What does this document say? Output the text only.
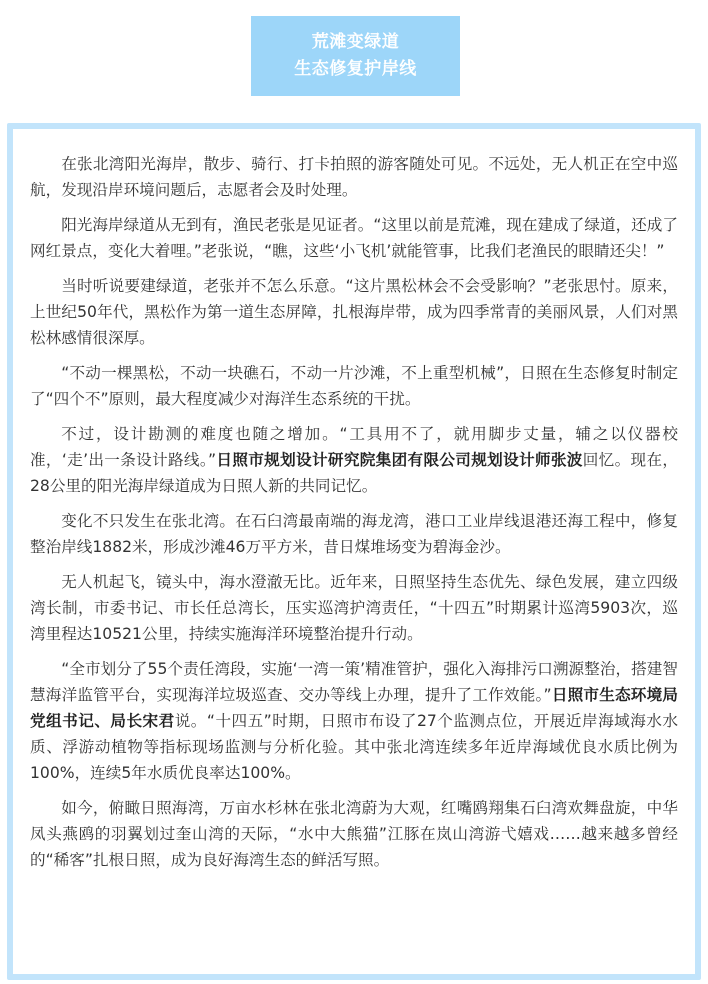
荒滩变绿道
生态修复护岸线

在张北湾阳光海岸，散步、骑行、打卡拍照的游客随处可见。不远处，无人机正在空中巡航，发现沿岸环境问题后，志愿者会及时处理。

阳光海岸绿道从无到有，渔民老张是见证者。“这里以前是荒滩，现在建成了绿道，还成了网红景点，变化大着哩。”老张说，“瞧，这些‘小飞机’就能管事，比我们老渔民的眼睛还尖！”

当时听说要建绿道，老张并不怎么乐意。“这片黑松林会不会受影响？”老张思忖。原来，上世纪50年代，黑松作为第一道生态屏障，扎根海岸带，成为四季常青的美丽风景，人们对黑松林感情很深厚。

“不动一棵黑松，不动一块礁石，不动一片沙滩，不上重型机械”，日照在生态修复时制定了“四个不”原则，最大程度减少对海洋生态系统的干扰。

不过，设计勘测的难度也随之增加。“工具用不了，就用脚步丈量，辅之以仪器校准，‘走’出一条设计路线。”日照市规划设计研究院集团有限公司规划设计师张波回忆。现在，28公里的阳光海岸绿道成为日照人新的共同记忆。

变化不只发生在张北湾。在石臼湾最南端的海龙湾，港口工业岸线退港还海工程中，修复整治岸线1882米，形成沙滩46万平方米，昔日煤堆场变为碧海金沙。

无人机起飞，镜头中，海水澄澈无比。近年来，日照坚持生态优先、绿色发展，建立四级湾长制，市委书记、市长任总湾长，压实巡湾护湾责任，“十四五”时期累计巡湾5903次，巡湾里程达10521公里，持续实施海洋环境整治提升行动。

“全市划分了55个责任湾段，实施‘一湾一策’精准管护，强化入海排污口溯源整治，搭建智慧海洋监管平台，实现海洋垃圾巡查、交办等线上办理，提升了工作效能。”日照市生态环境局党组书记、局长宋君说。“十四五”时期，日照市布设了27个监测点位，开展近岸海域海水水质、浮游动植物等指标现场监测与分析化验。其中张北湾连续多年近岸海域优良水质比例为100%，连续5年水质优良率达100%。

如今，俯瞰日照海湾，万亩水杉林在张北湾蔚为大观，红嘴鸥翔集石臼湾欢舞盘旋，中华凤头燕鸥的羽翼划过奎山湾的天际，“水中大熊猫”江豚在岚山湾游弋嬉戏……越来越多曾经的“稀客”扎根日照，成为良好海湾生态的鲜活写照。
